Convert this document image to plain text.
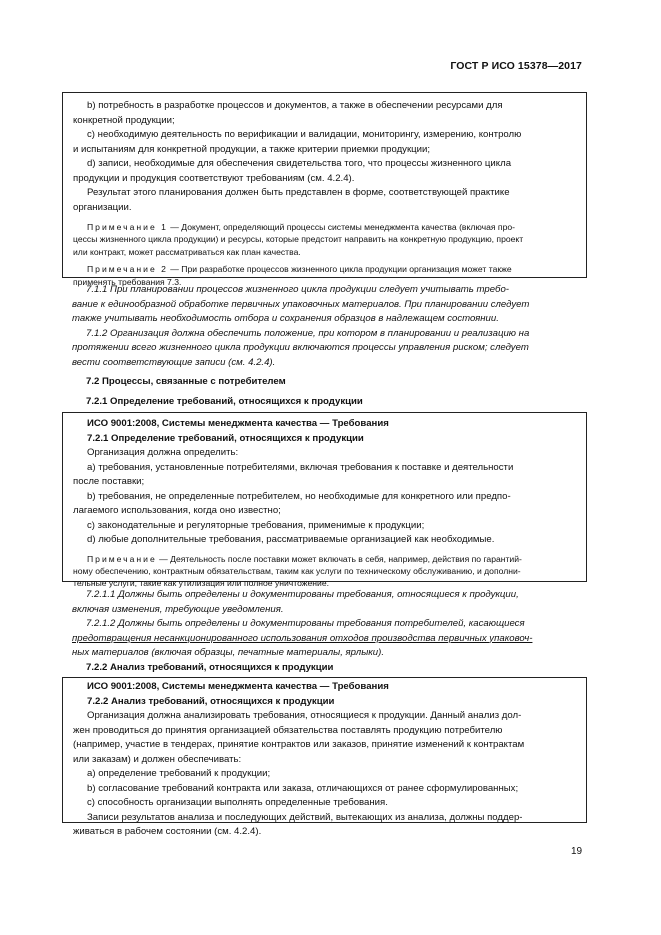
ГОСТ Р ИСО 15378—2017

b) потребность в разработке процессов и документов, а также в обеспечении ресурсами для
конкретной продукции;

c) необходимую деятельность по верификации и валидации, мониторингу, измерению, контролю
и испытаниям для конкретной продукции, а также критерии приемки продукции;

d) записи, необходимые для обеспечения свидетельства того, что процессы жизненного цикла
продукции и продукция соответствуют требованиям (см. 4.2.4).

Результат этого планирования должен быть представлен в форме, соответствующей практике
организации.

Примечание 1 — Документ, определяющий процессы системы менеджмента качества (включая про-
цессы жизненного цикла продукции) и ресурсы, которые предстоит направить на конкретную продукцию, проект
или контракт, может рассматриваться как план качества.

Примечание 2 — При разработке процессов жизненного цикла продукции организация может также
применять требования 7.3.

7.1.1 При планировании процессов жизненного цикла продукции следует учитывать требо-
вание к единообразной обработке первичных упаковочных материалов. При планировании следует
также учитывать необходимость отбора и сохранения образцов в надлежащем состоянии.

7.1.2 Организация должна обеспечить положение, при котором в планировании и реализацию на
протяжении всего жизненного цикла продукции включаются процессы управления риском; следует
вести соответствующие записи (см. 4.2.4).

7.2 Процессы, связанные с потребителем

7.2.1 Определение требований, относящихся к продукции

ИСО 9001:2008, Системы менеджмента качества — Требования

7.2.1 Определение требований, относящихся к продукции

Организация должна определить:

a) требования, установленные потребителями, включая требования к поставке и деятельности
после поставки;

b) требования, не определенные потребителем, но необходимые для конкретного или предпо-
лагаемого использования, когда оно известно;

c) законодательные и регуляторные требования, применимые к продукции;

d) любые дополнительные требования, рассматриваемые организацией как необходимые.

Примечание — Деятельность после поставки может включать в себя, например, действия по гарантий-
ному обеспечению, контрактным обязательствам, таким как услуги по техническому обслуживанию, и дополни-
тельные услуги, такие как утилизация или полное уничтожение.

7.2.1.1 Должны быть определены и документированы требования, относящиеся к продукции,
включая изменения, требующие уведомления.

7.2.1.2 Должны быть определены и документированы требования потребителей, касающиеся
предотвращения несанкционированного использования отходов производства первичных упаковоч-
ных материалов (включая образцы, печатные материалы, ярлыки).

7.2.2 Анализ требований, относящихся к продукции

ИСО 9001:2008, Системы менеджмента качества — Требования

7.2.2 Анализ требований, относящихся к продукции

Организация должна анализировать требования, относящиеся к продукции. Данный анализ дол-
жен проводиться до принятия организацией обязательства поставлять продукцию потребителю
(например, участие в тендерах, принятие контрактов или заказов, принятие изменений к контрактам
или заказам) и должен обеспечивать:

a) определение требований к продукции;

b) согласование требований контракта или заказа, отличающихся от ранее сформулированных;

c) способность организации выполнять определенные требования.

Записи результатов анализа и последующих действий, вытекающих из анализа, должны поддер-
живаться в рабочем состоянии (см. 4.2.4).

19
